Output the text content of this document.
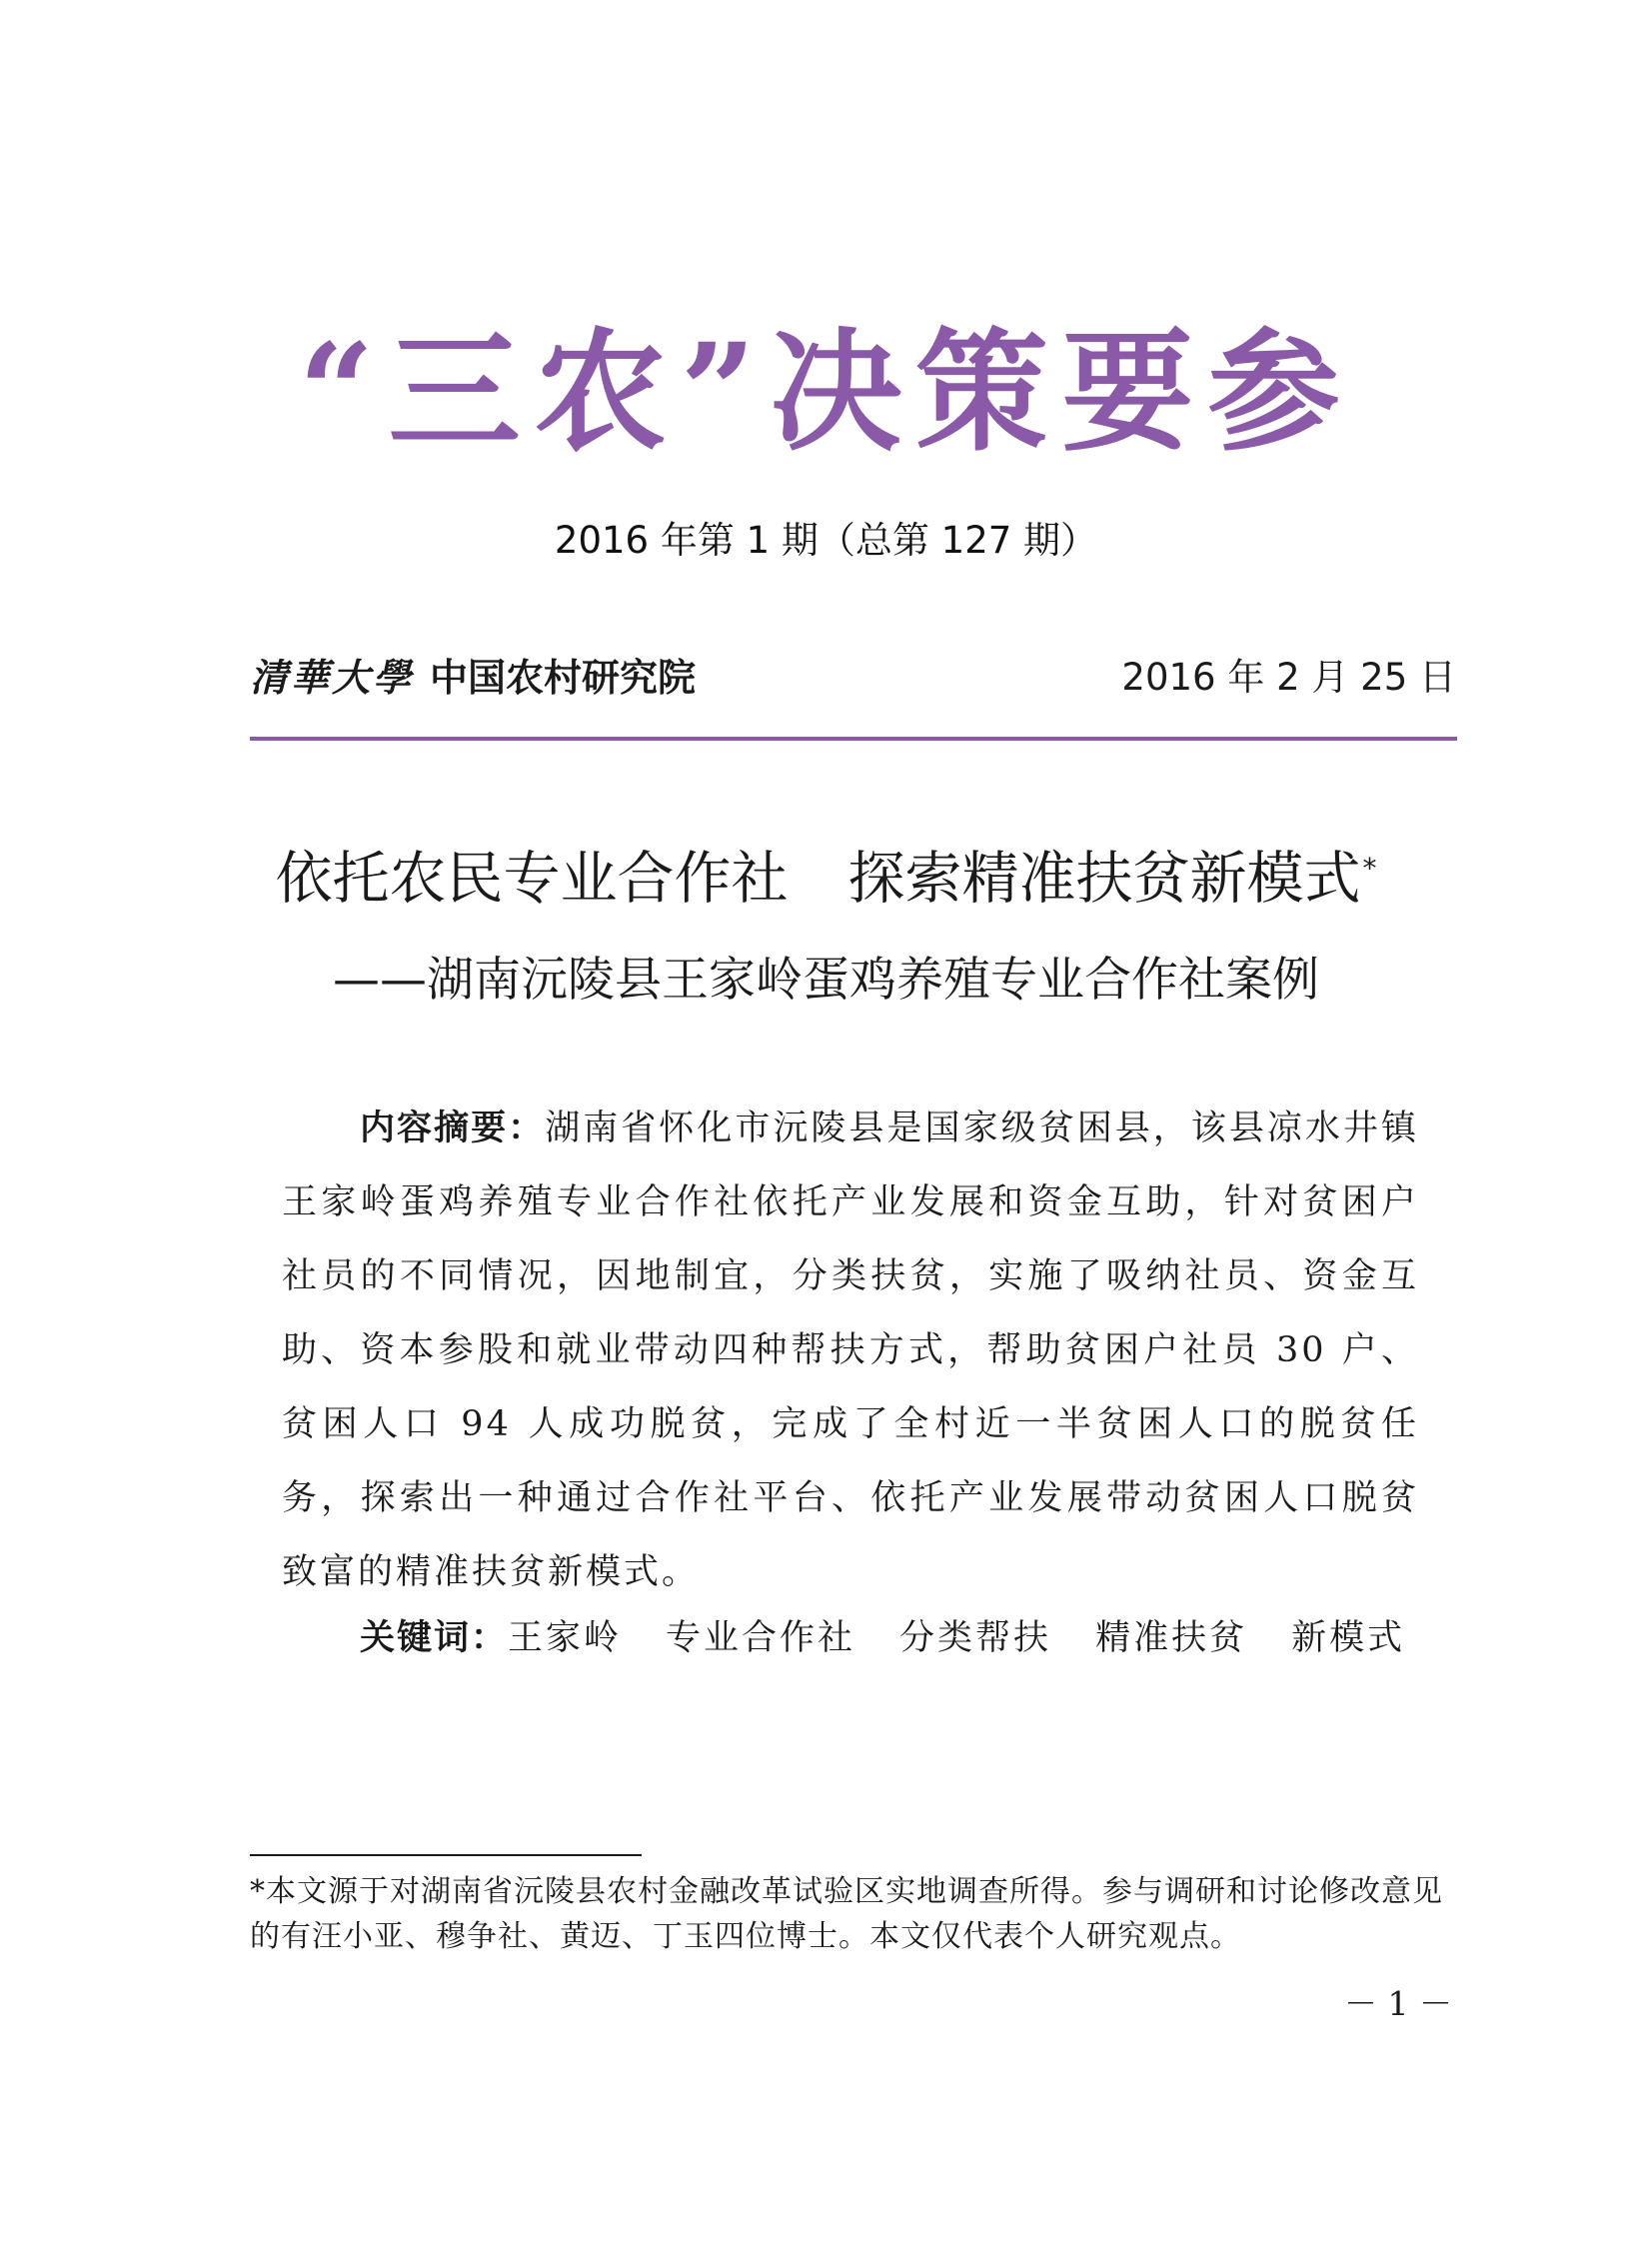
“三农”决策要参
2016 年第 1 期（总第 127 期）
清華大學 中国农村研究院	2016 年 2 月 25 日
依托农民专业合作社 探索精准扶贫新模式*
——湖南沅陵县王家岭蛋鸡养殖专业合作社案例
内容摘要：湖南省怀化市沅陵县是国家级贫困县，该县凉水井镇王家岭蛋鸡养殖专业合作社依托产业发展和资金互助，针对贫困户社员的不同情况，因地制宜，分类扶贫，实施了吸纳社员、资金互助、资本参股和就业带动四种帮扶方式，帮助贫困户社员 30 户、贫困人口 94 人成功脱贫，完成了全村近一半贫困人口的脱贫任务，探索出一种通过合作社平台、依托产业发展带动贫困人口脱贫致富的精准扶贫新模式。
关键词：王家岭 专业合作社 分类帮扶 精准扶贫 新模式
*本文源于对湖南省沅陵县农村金融改革试验区实地调查所得。参与调研和讨论修改意见的有汪小亚、穆争社、黄迈、丁玉四位博士。本文仅代表个人研究观点。
－ 1 －
